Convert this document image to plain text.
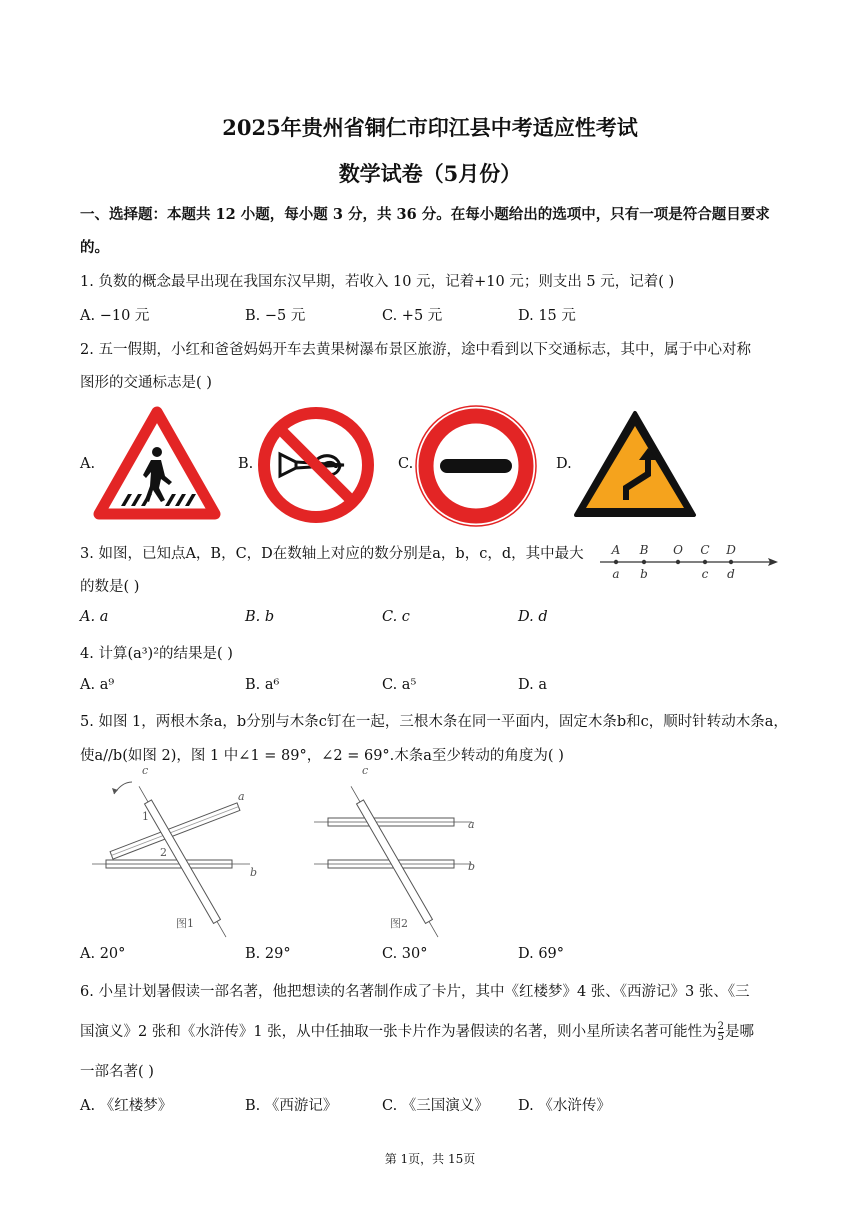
2025年贵州省铜仁市印江县中考适应性考试
数学试卷（5月份）
一、选择题：本题共 12 小题，每小题 3 分，共 36 分。在每小题给出的选项中，只有一项是符合题目要求
的。
1. 负数的概念最早出现在我国东汉早期，若收入 10 元，记着+10 元；则支出 5 元，记着( )
A. −10 元	B. −5 元	C. +5 元	D. 15 元
2. 五一假期，小红和爸爸妈妈开车去黄果树瀑布景区旅游，途中看到以下交通标志，其中，属于中心对称
图形的交通标志是( )
A.	B.	C.	D.
3. 如图，已知点A，B，C，D在数轴上对应的数分别是a，b，c，d，其中最大
的数是( )
A B O C D
a b	c d
A. a	B. b	C. c	D. d
4. 计算(a³)²的结果是( )
A. a⁹	B. a⁶	C. a⁵	D. a
5. 如图 1，两根木条a，b分别与木条c钉在一起，三根木条在同一平面内，固定木条b和c，顺时针转动木条a，
使a//b(如图 2)，图 1 中∠1 = 89°，∠2 = 69°.木条a至少转动的角度为( )
c
a
b
1
2
图1
c
a
b
图2
A. 20°	B. 29°	C. 30°	D. 69°
6. 小星计划暑假读一部名著，他把想读的名著制作成了卡片，其中《红楼梦》4 张、《西游记》3 张、《三
国演义》2 张和《水浒传》1 张，从中任抽取一张卡片作为暑假读的名著，则小星所读名著可能性为 $\frac{2}{5}$ 是哪
一部名著( )
A. 《红楼梦》	B. 《西游记》	C. 《三国演义》 D. 《水浒传》
第 1页，共 15页
